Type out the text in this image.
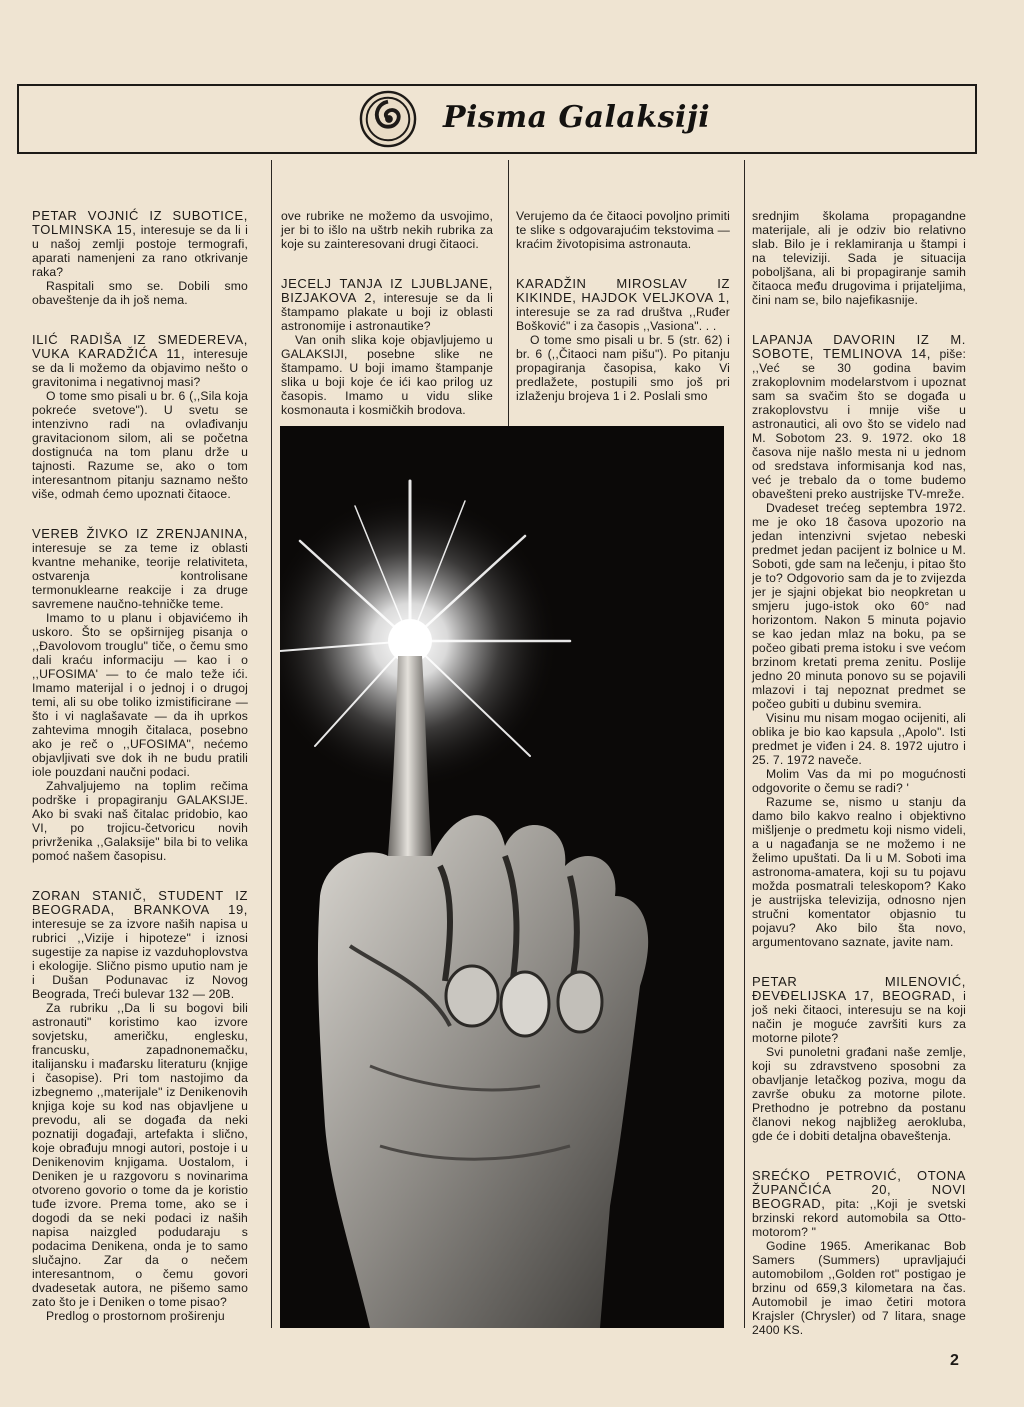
Pisma Galaksiji

PETAR VOJNIĆ IZ SUBOTICE, TOLMINSKA 15, interesuje se da li i u našoj zemlji postoje termografi, aparati namenjeni za rano otkrivanje raka?

Raspitali smo se. Dobili smo obaveštenje da ih još nema.

ILIĆ RADIŠA IZ SMEDEREVA, VUKA KARADŽIĆA 11, interesuje se da li možemo da objavimo nešto o gravitonima i negativnoj masi?

O tome smo pisali u br. 6 (,,Sila koja pokreće svetove"). U svetu se intenzivno radi na ovlađivanju gravitacionom silom, ali se početna dostignuća na tom planu drže u tajnosti. Razume se, ako o tom interesantnom pitanju saznamo nešto više, odmah ćemo upoznati čitaoce.

VEREB ŽIVKO IZ ZRENJANINA, interesuje se za teme iz oblasti kvantne mehanike, teorije relativiteta, ostvarenja kontrolisane termonuklearne reakcije i za druge savremene naučno-tehničke teme.

Imamo to u planu i objavićemo ih uskoro. Što se opširnijeg pisanja o ,,Đavolovom trouglu" tiče, o čemu smo dali kraću informaciju — kao i o ,,UFOSIMA' — to će malo teže ići. Imamo materijal i o jednoj i o drugoj temi, ali su obe toliko izmistificirane — što i vi naglašavate — da ih uprkos zahtevima mnogih čitalaca, posebno ako je reč o ,,UFOSIMA", nećemo objavljivati sve dok ih ne budu pratili iole pouzdani naučni podaci.

Zahvaljujemo na toplim rečima podrške i propagiranju GALAKSIJE. Ako bi svaki naš čitalac pridobio, kao VI, po trojicu-četvoricu novih privrženika ,,Galaksije" bila bi to velika pomoć našem časopisu.

ZORAN STANIČ, STUDENT IZ BEOGRADA, BRANKOVA 19, interesuje se za izvore naših napisa u rubrici ,,Vizije i hipoteze" i iznosi sugestije za napise iz vazduhoplovstva i ekologije. Slično pismo uputio nam je i Dušan Podunavac iz Novog Beograda, Treći bulevar 132 — 20B.

Za rubriku ,,Da li su bogovi bili astronauti" koristimo kao izvore sovjetsku, američku, englesku, francusku, zapadnonemačku, italijansku i mađarsku literaturu (knjige i časopise). Pri tom nastojimo da izbegnemo ,,materijale" iz Denikenovih knjiga koje su kod nas objavljene u prevodu, ali se događa da neki poznatiji događaji, artefakta i slično, koje obrađuju mnogi autori, postoje i u Denikenovim knjigama. Uostalom, i Deniken je u razgovoru s novinarima otvoreno govorio o tome da je koristio tuđe izvore. Prema tome, ako se i dogodi da se neki podaci iz naših napisa naizgled podudaraju s podacima Denikena, onda je to samo slučajno. Zar da o nečem interesantnom, o čemu govori dvadesetak autora, ne pišemo samo zato što je i Deniken o tome pisao?

Predlog o prostornom proširenju

ove rubrike ne možemo da usvojimo, jer bi to išlo na uštrb nekih rubrika za koje su zainteresovani drugi čitaoci.

JECELJ TANJA IZ LJUBLJANE, BIZJAKOVA 2, interesuje se da li štampamo plakate u boji iz oblasti astronomije i astronautike?

Van onih slika koje objavljujemo u GALAKSIJI, posebne slike ne štampamo. U boji imamo štampanje slika u boji koje će ići kao prilog uz časopis. Imamo u vidu slike kosmonauta i kosmičkih brodova.

Verujemo da će čitaoci povoljno primiti te slike s odgovarajućim tekstovima — kraćim životopisima astronauta.

KARADŽIN MIROSLAV IZ KIKINDE, HAJDOK VELJKOVA 1, interesuje se za rad društva ,,Ruđer Bošković" i za časopis ,,Vasiona". . .

O tome smo pisali u br. 5 (str. 62) i br. 6 (,,Čitaoci nam pišu"). Po pitanju propagiranja časopisa, kako Vi predlažete, postupili smo još pri izlaženju brojeva 1 i 2. Poslali smo

srednjim školama propagandne materijale, ali je odziv bio relativno slab. Bilo je i reklamiranja u štampi i na televiziji. Sada je situacija poboljšana, ali bi propagiranje samih čitaoca među drugovima i prijateljima, čini nam se, bilo najefikasnije.

LAPANJA DAVORIN IZ M. SOBOTE, TEMLINOVA 14, piše: ,,Već se 30 godina bavim zrakoplovnim modelarstvom i upoznat sam sa svačim što se događa u zrakoplovstvu i mnije više u astronautici, ali ovo što se videlo nad M. Sobotom 23. 9. 1972. oko 18 časova nije našlo mesta ni u jednom od sredstava informisanja kod nas, već je trebalo da o tome budemo obavešteni preko austrijske TV-mreže.

Dvadeset trećeg septembra 1972. me je oko 18 časova upozorio na jedan intenzivni svjetao nebeski predmet jedan pacijent iz bolnice u M. Soboti, gde sam na lečenju, i pitao što je to? Odgovorio sam da je to zvijezda jer je sjajni objekat bio neopkretan u smjeru jugo-istok oko 60° nad horizontom. Nakon 5 minuta pojavio se kao jedan mlaz na boku, pa se počeo gibati prema istoku i sve većom brzinom kretati prema zenitu. Poslije jedno 20 minuta ponovo su se pojavili mlazovi i taj nepoznat predmet se počeo gubiti u dubinu svemira.

Visinu mu nisam mogao ocijeniti, ali oblika je bio kao kapsula ,,Apolo". Isti predmet je viđen i 24. 8. 1972 ujutro i 25. 7. 1972 naveče.

Molim Vas da mi po mogućnosti odgovorite o čemu se radi? '

Razume se, nismo u stanju da damo bilo kakvo realno i objektivno mišljenje o predmetu koji nismo videli, a u nagađanja se ne možemo i ne želimo upuštati. Da li u M. Soboti ima astronoma-amatera, koji su tu pojavu možda posmatrali teleskopom? Kako je austrijska televizija, odnosno njen stručni komentator objasnio tu pojavu? Ako bilo šta novo, argumentovano saznate, javite nam.

PETAR MILENOVIĆ, ĐEVĐELIJSKA 17, BEOGRAD, i još neki čitaoci, interesuju se na koji način je moguće završiti kurs za motorne pilote?

Svi punoletni građani naše zemlje, koji su zdravstveno sposobni za obavljanje letačkog poziva, mogu da završe obuku za motorne pilote. Prethodno je potrebno da postanu članovi nekog najbližeg aerokluba, gde će i dobiti detaljna obaveštenja.

SREĆKO PETROVIĆ, OTONA ŽUPANČIĆA 20, NOVI BEOGRAD, pita: ,,Koji je svetski brzinski rekord automobila sa Otto-motorom? "

Godine 1965. Amerikanac Bob Samers (Summers) upravljajući automobilom ,,Golden rot" postigao je brzinu od 659,3 kilometara na čas. Automobil je imao četiri motora Krajsler (Chrysler) od 7 litara, snage 2400 KS.

2
